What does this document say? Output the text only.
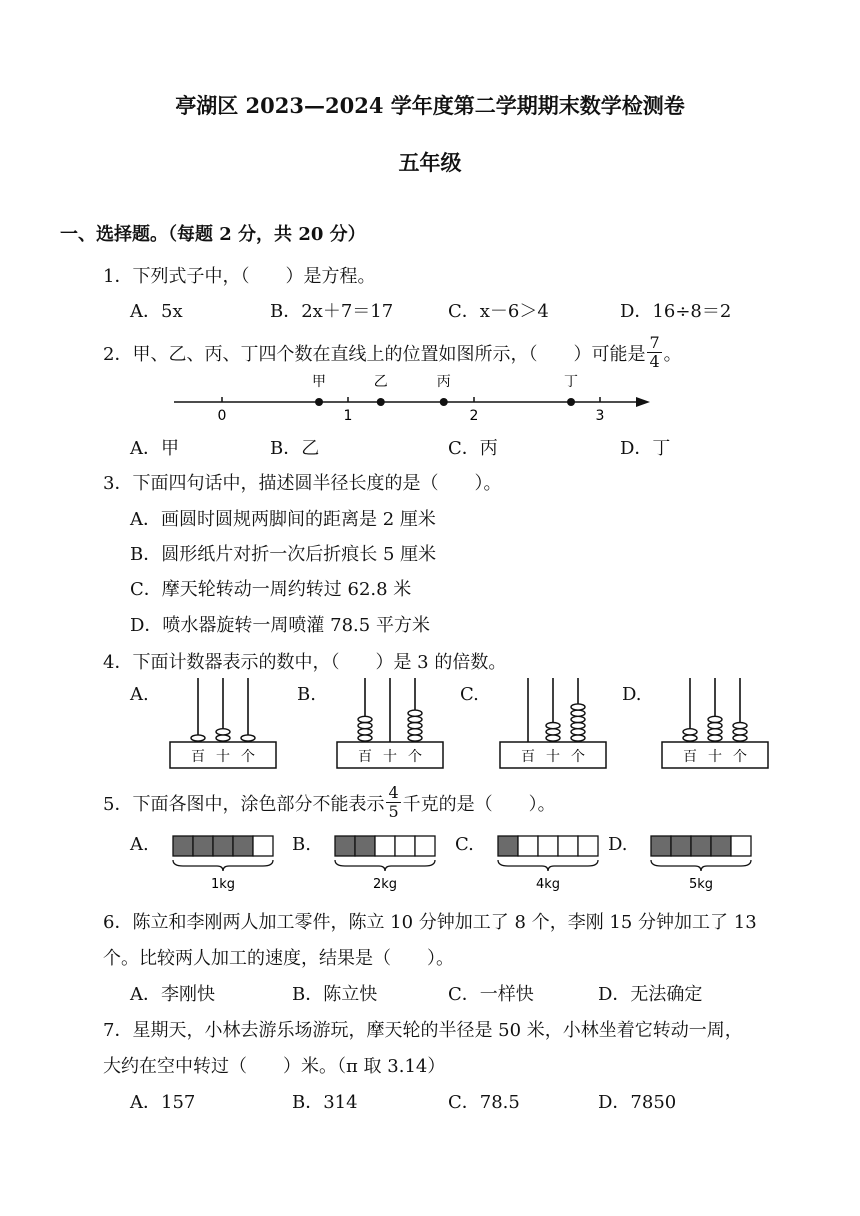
亭湖区 2023—2024 学年度第二学期期末数学检测卷
五年级
一、选择题。（每题 2 分，共 20 分）
1．下列式子中，（　　）是方程。
A．5x	B．2x＋7＝17	C．x－6＞4	D．16÷8＝2
2．甲、乙、丙、丁四个数在直线上的位置如图所示，（　　）可能是 $\frac{7}{4}$ 。
0	1	2	3
甲	乙	丙	丁
A．甲	B．乙	C．丙	D．丁
3．下面四句话中，描述圆半径长度的是（　　）。
A．画圆时圆规两脚间的距离是 2 厘米
B．圆形纸片对折一次后折痕长 5 厘米
C．摩天轮转动一周约转过 62.8 米
D．喷水器旋转一周喷灌 78.5 平方米
4．下面计数器表示的数中，（　　）是 3 的倍数。
A.
百 十 个
B.
百 十 个
C.
百 十 个
D.
百 十 个
5．下面各图中，涂色部分不能表示 $\frac{4}{5}$ 千克的是（　　）。
A.
1kg
B.
2kg
C.
4kg
D.
5kg
6．陈立和李刚两人加工零件，陈立 10 分钟加工了 8 个，李刚 15 分钟加工了 13
个。比较两人加工的速度，结果是（　　）。
A．李刚快	B．陈立快	C．一样快	D．无法确定
7．星期天，小林去游乐场游玩，摩天轮的半径是 50 米，小林坐着它转动一周，
大约在空中转过（　　）米。（π 取 3.14）
A．157	B．314	C．78.5	D．7850
